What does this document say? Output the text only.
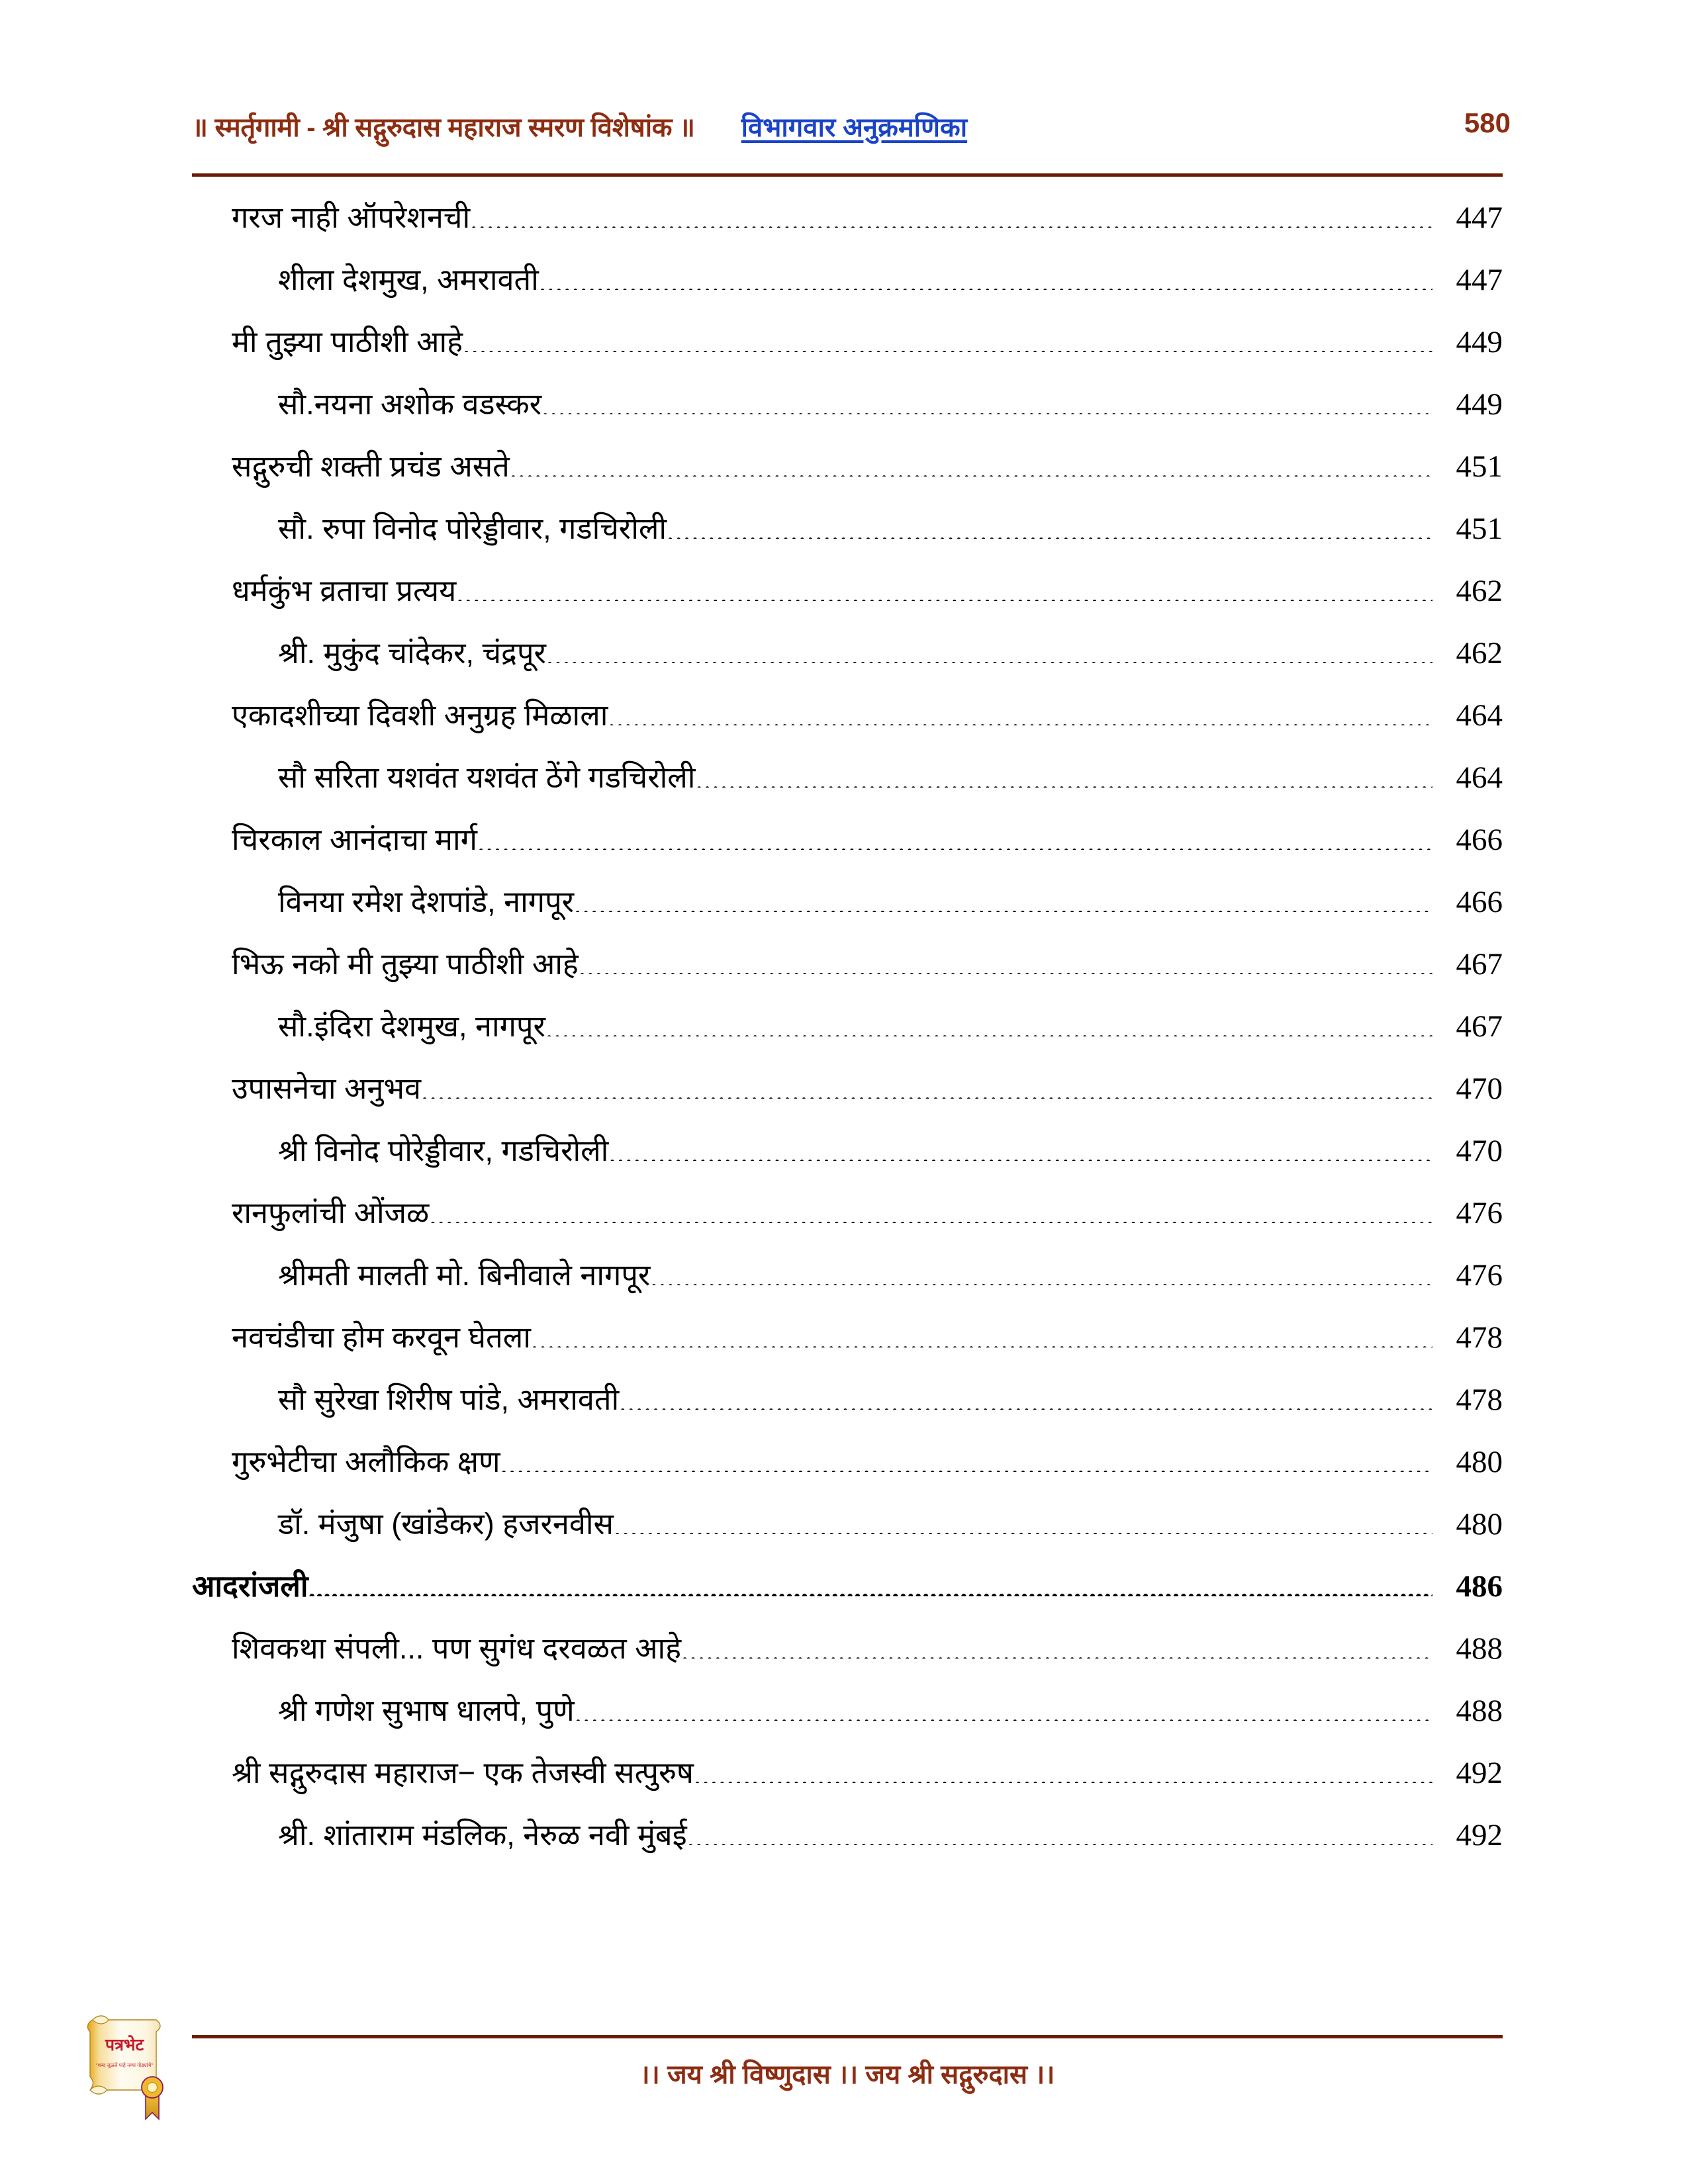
॥ स्मर्तृगामी - श्री सद्गुरुदास महाराज स्मरण विशेषांक ॥ विभागवार अनुक्रमणिका	580
गरज नाही ऑपरेशनची .....	447
शीला देशमुख, अमरावती .....	447
मी तुझ्या पाठीशी आहे .....	449
सौ.नयना अशोक वडस्कर .....	449
सद्गुरुची शक्ती प्रचंड असते .....	451
सौ. रुपा विनोद पोरेड्डीवार, गडचिरोली .....	451
धर्मकुंभ व्रताचा प्रत्यय .....	462
श्री. मुकुंद चांदेकर, चंद्रपूर .....	462
एकादशीच्या दिवशी अनुग्रह मिळाला .....	464
सौ सरिता यशवंत यशवंत ठेंगे गडचिरोली .....	464
चिरकाल आनंदाचा मार्ग .....	466
विनया रमेश देशपांडे, नागपूर .....	466
भिऊ नको मी तुझ्या पाठीशी आहे .....	467
सौ.इंदिरा देशमुख, नागपूर .....	467
उपासनेचा अनुभव .....	470
श्री विनोद पोरेड्डीवार, गडचिरोली .....	470
रानफुलांची ओंजळ .....	476
श्रीमती मालती मो. बिनीवाले नागपूर .....	476
नवचंडीचा होम करवून घेतला .....	478
सौ सुरेखा शिरीष पांडे, अमरावती .....	478
गुरुभेटीचा अलौकिक क्षण .....	480
डॉ. मंजुषा (खांडेकर) हजरनवीस .....	480
आदरांजली .....	486
शिवकथा संपली... पण सुगंध दरवळत आहे .....	488
श्री गणेश सुभाष धालपे, पुणे .....	488
श्री सद्गुरुदास महाराज− एक तेजस्वी सत्पुरुष .....	492
श्री. शांताराम मंडलिक, नेरुळ नवी मुंबई .....	492
।। जय श्री विष्णुदास ।। जय श्री सद्गुरुदास ।।
पत्रभेट
"शब्द जुळले पाहे नव्या गोठ्यांचे"
